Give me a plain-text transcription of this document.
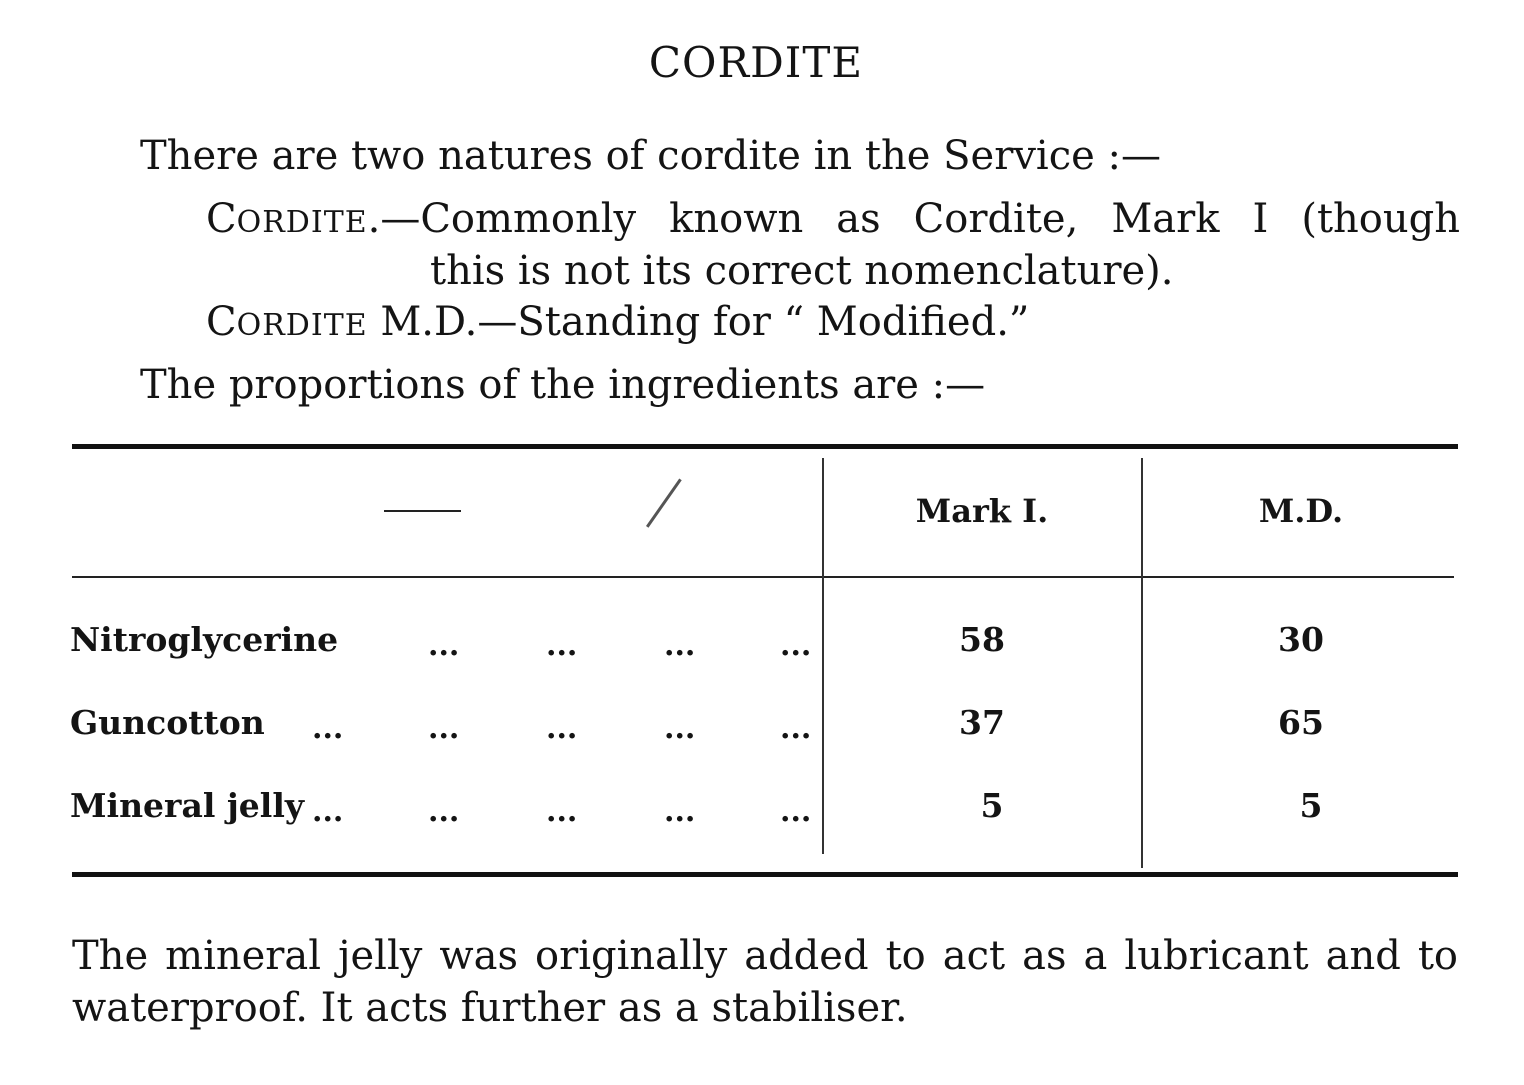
CORDITE
There are two natures of cordite in the Service :—
CORDITE.—Commonly known as Cordite, Mark I (though
this is not its correct nomenclature).
CORDITE M.D.—Standing for “ Modified.”
The proportions of the ingredients are :—
Mark I.	M.D.
Nitroglycerine	...	...	...	...	58	30
Guncotton ...	...	...	...	...	37	65
Mineral jelly ...	...	...	...	...	5	5
The mineral jelly was originally added to act as a lubricant and to waterproof. It acts further as a stabiliser.
